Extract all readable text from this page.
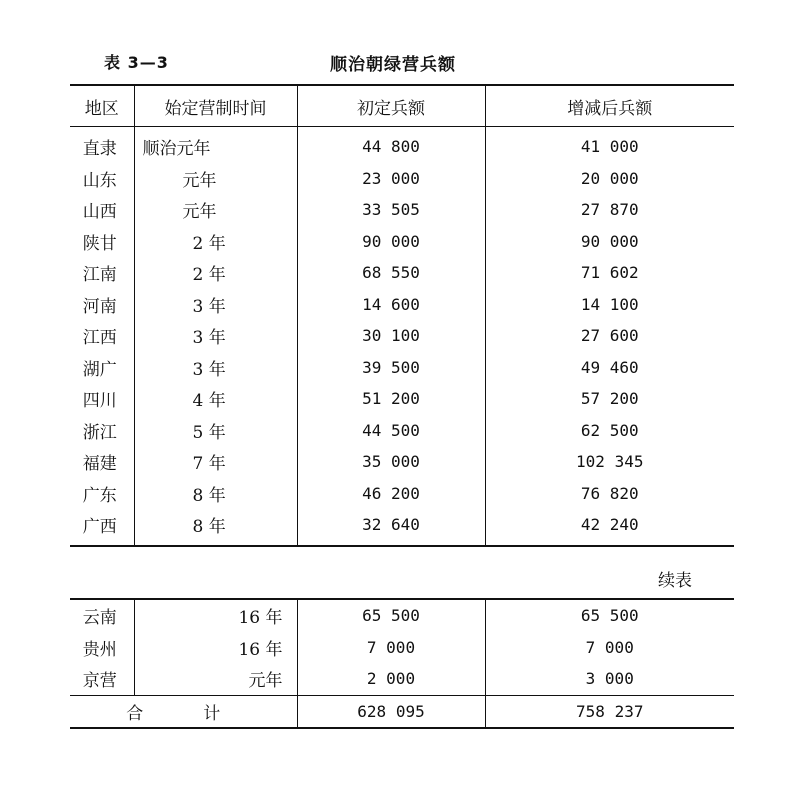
表 3—3	顺治朝绿营兵额
地区	始定营制时间	初定兵额	增减后兵额
直隶	顺治元年	44 800	41 000
山东	元年	23 000	20 000
山西	元年	33 505	27 870
陕甘	2 年	90 000	90 000
江南	2 年	68 550	71 602
河南	3 年	14 600	14 100
江西	3 年	30 100	27 600
湖广	3 年	39 500	49 460
四川	4 年	51 200	57 200
浙江	5 年	44 500	62 500
福建	7 年	35 000	102 345
广东	8 年	46 200	76 820
广西	8 年	32 640	42 240
续表
云南	16 年	65 500	65 500
贵州	16 年	7 000	7 000
京营	元年	2 000	3 000
合计		628 095	758 237
